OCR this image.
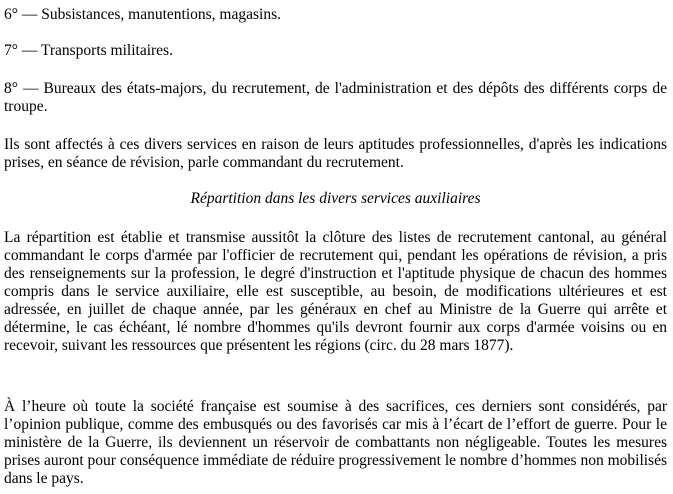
6° — Subsistances, manutentions, magasins.

7° — Transports militaires.

8° — Bureaux des états-majors, du recrutement, de l'administration et des dépôts des différents corps de troupe.

Ils sont affectés à ces divers services en raison de leurs aptitudes professionnelles, d'après les indications prises, en séance de révision, parle commandant du recrutement.

Répartition dans les divers services auxiliaires

La répartition est établie et transmise aussitôt la clôture des listes de recrutement cantonal, au général commandant le corps d'armée par l'officier de recrutement qui, pendant les opérations de révision, a pris des renseignements sur la profession, le degré d'instruction et l'aptitude physique de chacun des hommes compris dans le service auxiliaire, elle est susceptible, au besoin, de modifications ultérieures et est adressée, en juillet de chaque année, par les généraux en chef au Ministre de la Guerre qui arrête et détermine, le cas échéant, lé nombre d'hommes qu'ils devront fournir aux corps d'armée voisins ou en recevoir, suivant les ressources que présentent les régions (circ. du 28 mars 1877).

À l’heure où toute la société française est soumise à des sacrifices, ces derniers sont considérés, par l’opinion publique, comme des embusqués ou des favorisés car mis à l’écart de l’effort de guerre. Pour le ministère de la Guerre, ils deviennent un réservoir de combattants non négligeable. Toutes les mesures prises auront pour conséquence immédiate de réduire progressivement le nombre d’hommes non mobilisés dans le pays.
